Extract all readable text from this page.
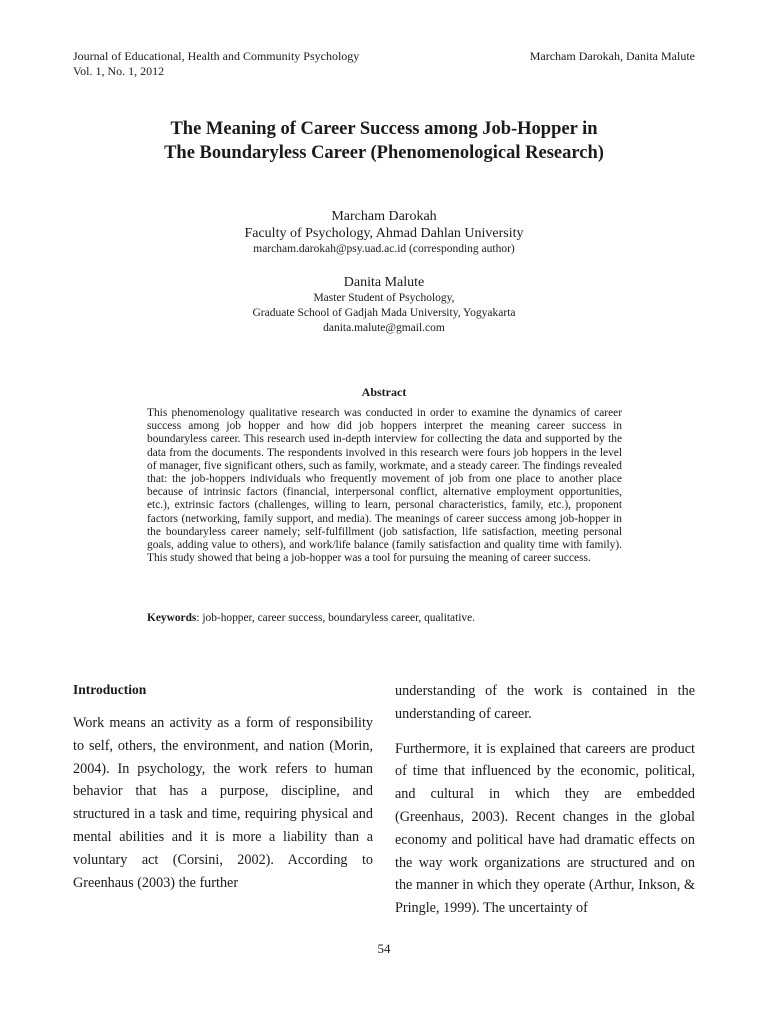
Journal of Educational, Health and Community Psychology
Vol. 1, No. 1, 2012
Marcham Darokah, Danita Malute
The Meaning of Career Success among Job-Hopper in
The Boundaryless Career (Phenomenological Research)
Marcham Darokah
Faculty of Psychology, Ahmad Dahlan University
marcham.darokah@psy.uad.ac.id (corresponding author)
Danita Malute
Master Student of Psychology,
Graduate School of Gadjah Mada University, Yogyakarta
danita.malute@gmail.com
Abstract

This phenomenology qualitative research was conducted in order to examine the dynamics of career success among job hopper and how did job hoppers interpret the meaning career success in boundaryless career. This research used in-depth interview for collecting the data and supported by the data from the documents. The respondents involved in this research were fours job hoppers in the level of manager, five significant others, such as family, workmate, and a steady career. The findings revealed that: the job-hoppers individuals who frequently movement of job from one place to another place because of intrinsic factors (financial, interpersonal conflict, alternative employment opportunities, etc.), extrinsic factors (challenges, willing to learn, personal characteristics, family, etc.), proponent factors (networking, family support, and media). The meanings of career success among job-hopper in the boundaryless career namely; self-fulfillment (job satisfaction, life satisfaction, meeting personal goals, adding value to others), and work/life balance (family satisfaction and quality time with family). This study showed that being a job-hopper was a tool for pursuing the meaning of career success.

Keywords: job-hopper, career success, boundaryless career, qualitative.

Introduction

Work means an activity as a form of responsibility to self, others, the environment, and nation (Morin, 2004). In psychology, the work refers to human behavior that has a purpose, discipline, and structured in a task and time, requiring physical and mental abilities and it is more a liability than a voluntary act (Corsini, 2002). According to Greenhaus (2003) the further

understanding of the work is contained in the understanding of career.

Furthermore, it is explained that careers are product of time that influenced by the economic, political, and cultural in which they are embedded (Greenhaus, 2003). Recent changes in the global economy and political have had dramatic effects on the way work organizations are structured and on the manner in which they operate (Arthur, Inkson, & Pringle, 1999). The uncertainty of

54
